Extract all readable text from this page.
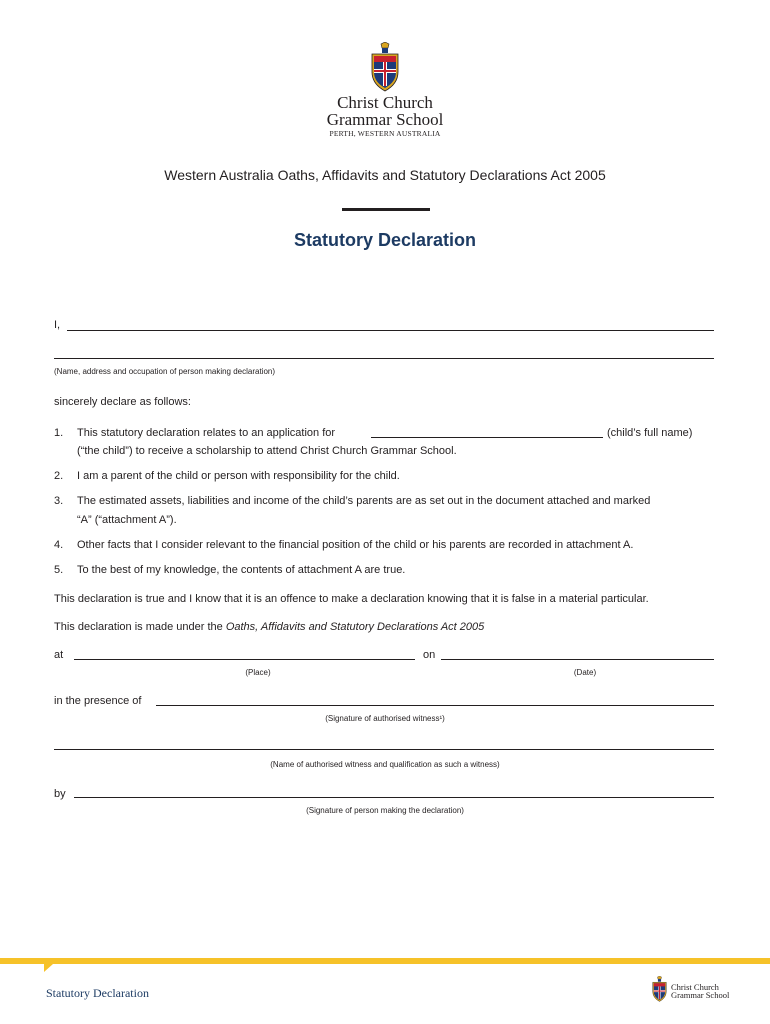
Christ Church
Grammar School
PERTH, WESTERN AUSTRALIA
Western Australia Oaths, Affidavits and Statutory Declarations Act 2005
Statutory Declaration
I,
(Name, address and occupation of person making declaration)
sincerely declare as follows:
1. This statutory declaration relates to an application for	(child’s full name)
(“the child”) to receive a scholarship to attend Christ Church Grammar School.
2. I am a parent of the child or person with responsibility for the child.
3. The estimated assets, liabilities and income of the child’s parents are as set out in the document attached and marked
“A” (“attachment A”).
4. Other facts that I consider relevant to the financial position of the child or his parents are recorded in attachment A.
5. To the best of my knowledge, the contents of attachment A are true.
This declaration is true and I know that it is an offence to make a declaration knowing that it is false in a material particular.
This declaration is made under the Oaths, Affidavits and Statutory Declarations Act 2005
at	on
(Place)	(Date)
in the presence of
(Signature of authorised witness¹)
(Name of authorised witness and qualification as such a witness)
by
(Signature of person making the declaration)
Statutory Declaration	Christ Church
Grammar School
